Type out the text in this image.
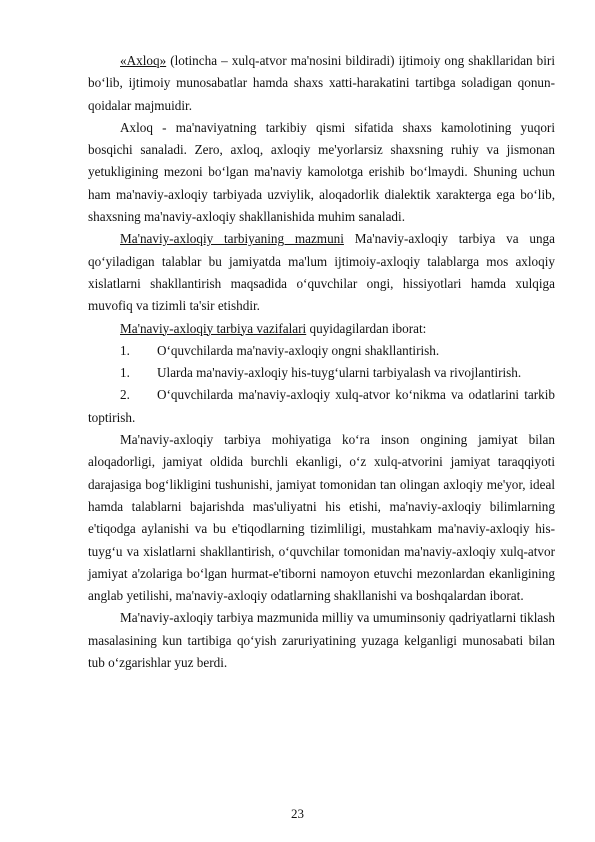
«Axloq» (lotincha – xulq-atvor ma'nosini bildiradi) ijtimoiy ong shakllaridan biri bo‘lib, ijtimoiy munosabatlar hamda shaxs xatti-harakatini tartibga soladigan qonun-qoidalar majmuidir.

Axloq - ma'naviyatning tarkibiy qismi sifatida shaxs kamolotining yuqori bosqichi sanaladi. Zero, axloq, axloqiy me'yorlarsiz shaxsning ruhiy va jismonan yetukligining mezoni bo‘lgan ma'naviy kamolotga erishib bo‘lmaydi. Shuning uchun ham ma'naviy-axloqiy tarbiyada uzviylik, aloqadorlik dialektik xarakterga ega bo‘lib, shaxsning ma'naviy-axloqiy shakllanishida muhim sanaladi.

Ma'naviy-axloqiy tarbiyaning mazmuni Ma'naviy-axloqiy tarbiya va unga qo‘yiladigan talablar bu jamiyatda ma'lum ijtimoiy-axloqiy talablarga mos axloqiy xislatlarni shakllantirish maqsadida o‘quvchilar ongi, hissiyotlari hamda xulqiga muvofiq va tizimli ta'sir etishdir.

Ma'naviy-axloqiy tarbiya vazifalari quyidagilardan iborat:

1. O‘quvchilarda ma'naviy-axloqiy ongni shakllantirish.

1. Ularda ma'naviy-axloqiy his-tuyg‘ularni tarbiyalash va rivojlantirish.

2. O‘quvchilarda ma'naviy-axloqiy xulq-atvor ko‘nikma va odatlarini tarkib toptirish.

Ma'naviy-axloqiy tarbiya mohiyatiga ko‘ra inson ongining jamiyat bilan aloqadorligi, jamiyat oldida burchli ekanligi, o‘z xulq-atvorini jamiyat taraqqiyoti darajasiga bog‘likligini tushunishi, jamiyat tomonidan tan olingan axloqiy me'yor, ideal hamda talablarni bajarishda mas'uliyatni his etishi, ma'naviy-axloqiy bilimlarning e'tiqodga aylanishi va bu e'tiqodlarning tizimliligi, mustahkam ma'naviy-axloqiy his-tuyg‘u va xislatlarni shakllantirish, o‘quvchilar tomonidan ma'naviy-axloqiy xulq-atvor jamiyat a'zolariga bo‘lgan hurmat-e'tiborni namoyon etuvchi mezonlardan ekanligining anglab yetilishi, ma'naviy-axloqiy odatlarning shakllanishi va boshqalardan iborat.

Ma'naviy-axloqiy tarbiya mazmunida milliy va umuminsoniy qadriyatlarni tiklash masalasining kun tartibiga qo‘yish zaruriyatining yuzaga kelganligi munosabati bilan tub o‘zgarishlar yuz berdi.

23
